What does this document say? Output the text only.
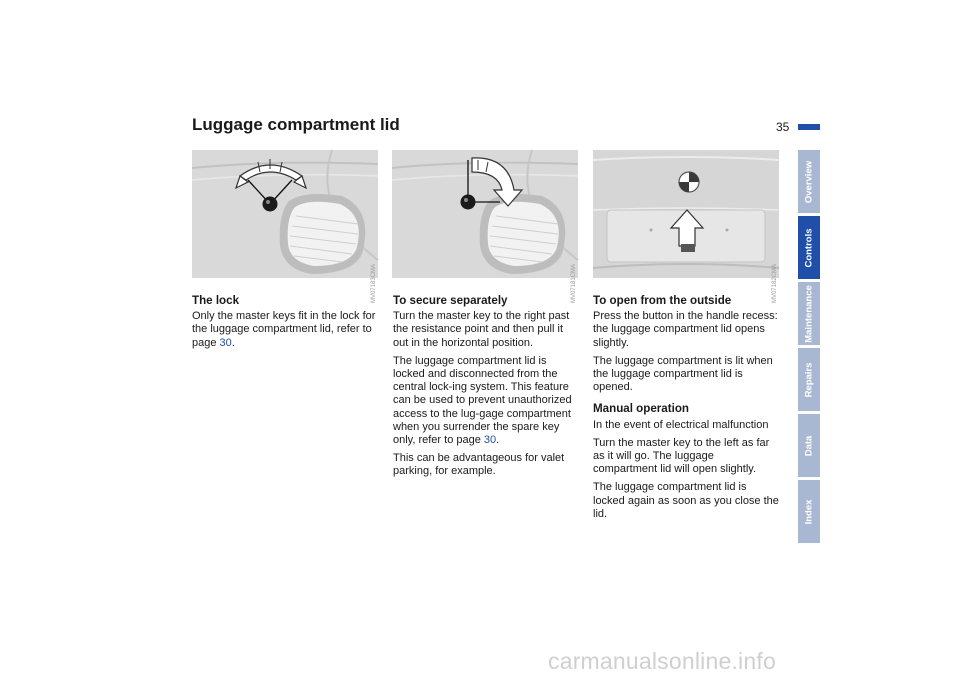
Luggage compartment lid	35
MV07183CMA	MV07181CMA	MV07182CMA
The lock

Only the master keys fit in the lock for the luggage compartment lid, refer to page 30.

To secure separately

Turn the master key to the right past the resistance point and then pull it out in the horizontal position.

The luggage compartment lid is locked and disconnected from the central lock-ing system. This feature can be used to prevent unauthorized access to the lug-gage compartment when you surrender the spare key only, refer to page 30.

This can be advantageous for valet parking, for example.

To open from the outside

Press the button in the handle recess: the luggage compartment lid opens slightly.

The luggage compartment is lit when the luggage compartment lid is opened.

Manual operation

In the event of electrical malfunction

Turn the master key to the left as far as it will go. The luggage compartment lid will open slightly.

The luggage compartment lid is locked again as soon as you close the lid.

Overview
Controls
Maintenance
Repairs
Data
Index
carmanualsonline.info
